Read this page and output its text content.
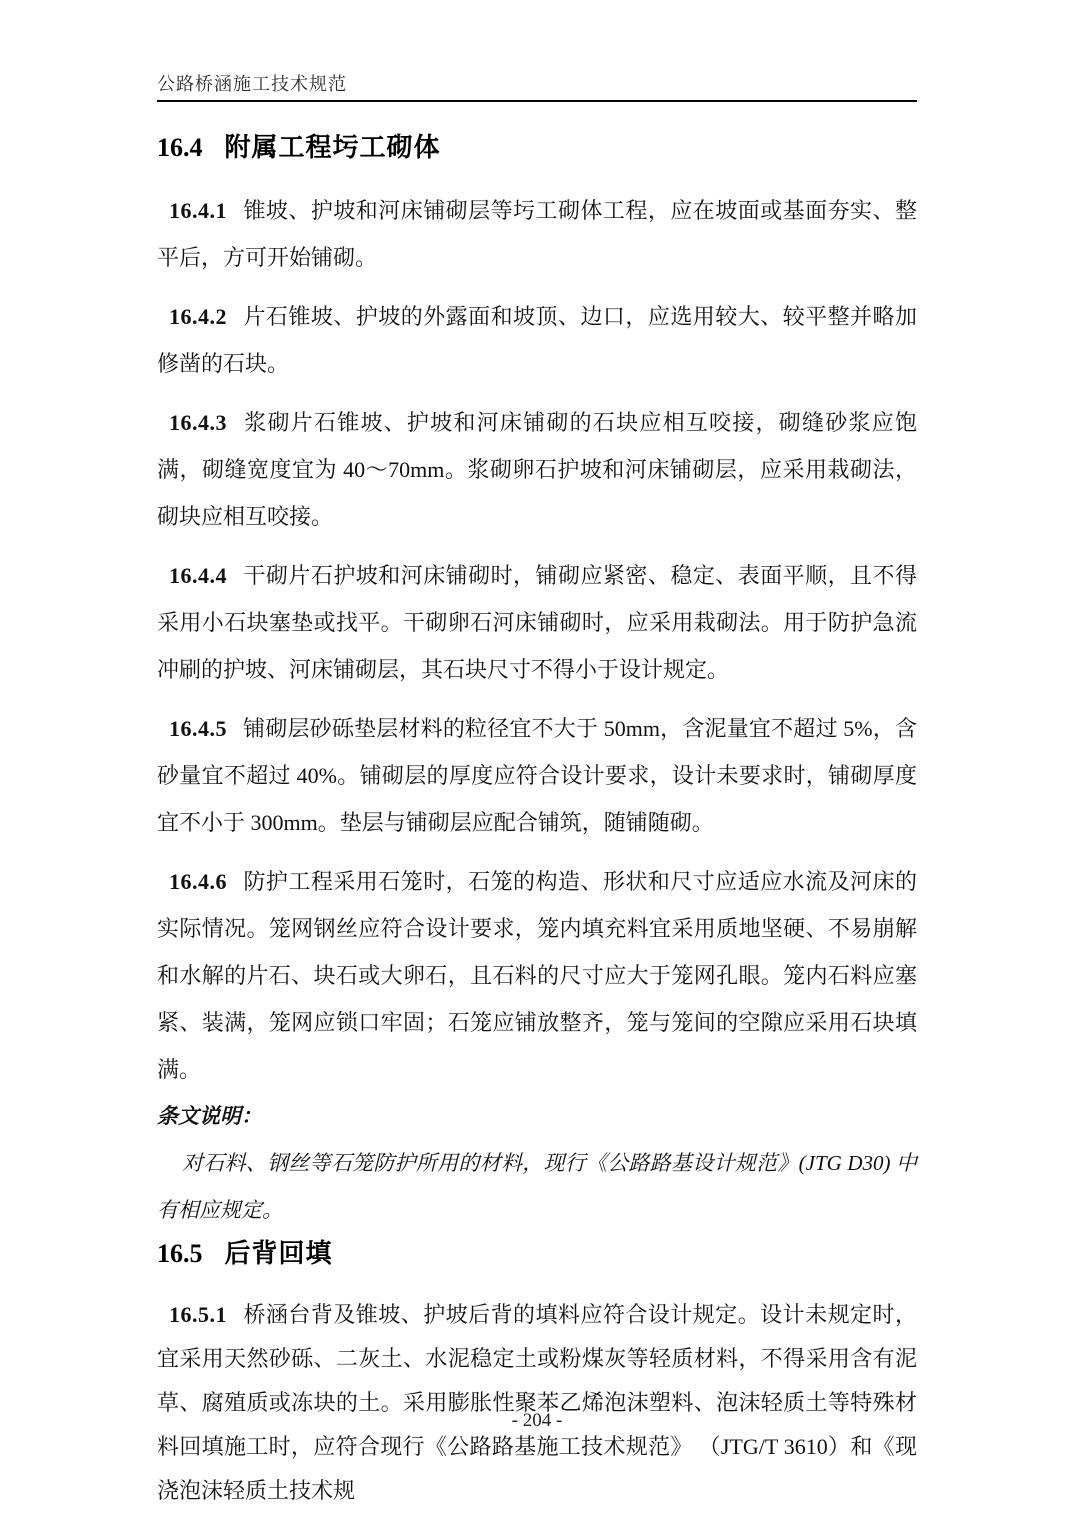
公路桥涵施工技术规范
16.4 附属工程圬工砌体

16.4.1 锥坡、护坡和河床铺砌层等圬工砌体工程，应在坡面或基面夯实、整平后，方可开始铺砌。

16.4.2 片石锥坡、护坡的外露面和坡顶、边口，应选用较大、较平整并略加修凿的石块。

16.4.3 浆砌片石锥坡、护坡和河床铺砌的石块应相互咬接，砌缝砂浆应饱满，砌缝宽度宜为 40～70mm。浆砌卵石护坡和河床铺砌层，应采用栽砌法，砌块应相互咬接。

16.4.4 干砌片石护坡和河床铺砌时，铺砌应紧密、稳定、表面平顺，且不得采用小石块塞垫或找平。干砌卵石河床铺砌时，应采用栽砌法。用于防护急流冲刷的护坡、河床铺砌层，其石块尺寸不得小于设计规定。

16.4.5 铺砌层砂砾垫层材料的粒径宜不大于 50mm，含泥量宜不超过 5%，含砂量宜不超过 40%。铺砌层的厚度应符合设计要求，设计未要求时，铺砌厚度宜不小于 300mm。垫层与铺砌层应配合铺筑，随铺随砌。

16.4.6 防护工程采用石笼时，石笼的构造、形状和尺寸应适应水流及河床的实际情况。笼网钢丝应符合设计要求，笼内填充料宜采用质地坚硬、不易崩解和水解的片石、块石或大卵石，且石料的尺寸应大于笼网孔眼。笼内石料应塞紧、装满，笼网应锁口牢固；石笼应铺放整齐，笼与笼间的空隙应采用石块填满。

条文说明：
对石料、钢丝等石笼防护所用的材料，现行《公路路基设计规范》(JTG D30) 中有相应规定。
16.5 后背回填

16.5.1 桥涵台背及锥坡、护坡后背的填料应符合设计规定。设计未规定时，宜采用天然砂砾、二灰土、水泥稳定土或粉煤灰等轻质材料，不得采用含有泥草、腐殖质或冻块的土。采用膨胀性聚苯乙烯泡沫塑料、泡沫轻质土等特殊材料回填施工时，应符合现行《公路路基施工技术规范》 （JTG/T 3610）和《现浇泡沫轻质土技术规

- 204 -
